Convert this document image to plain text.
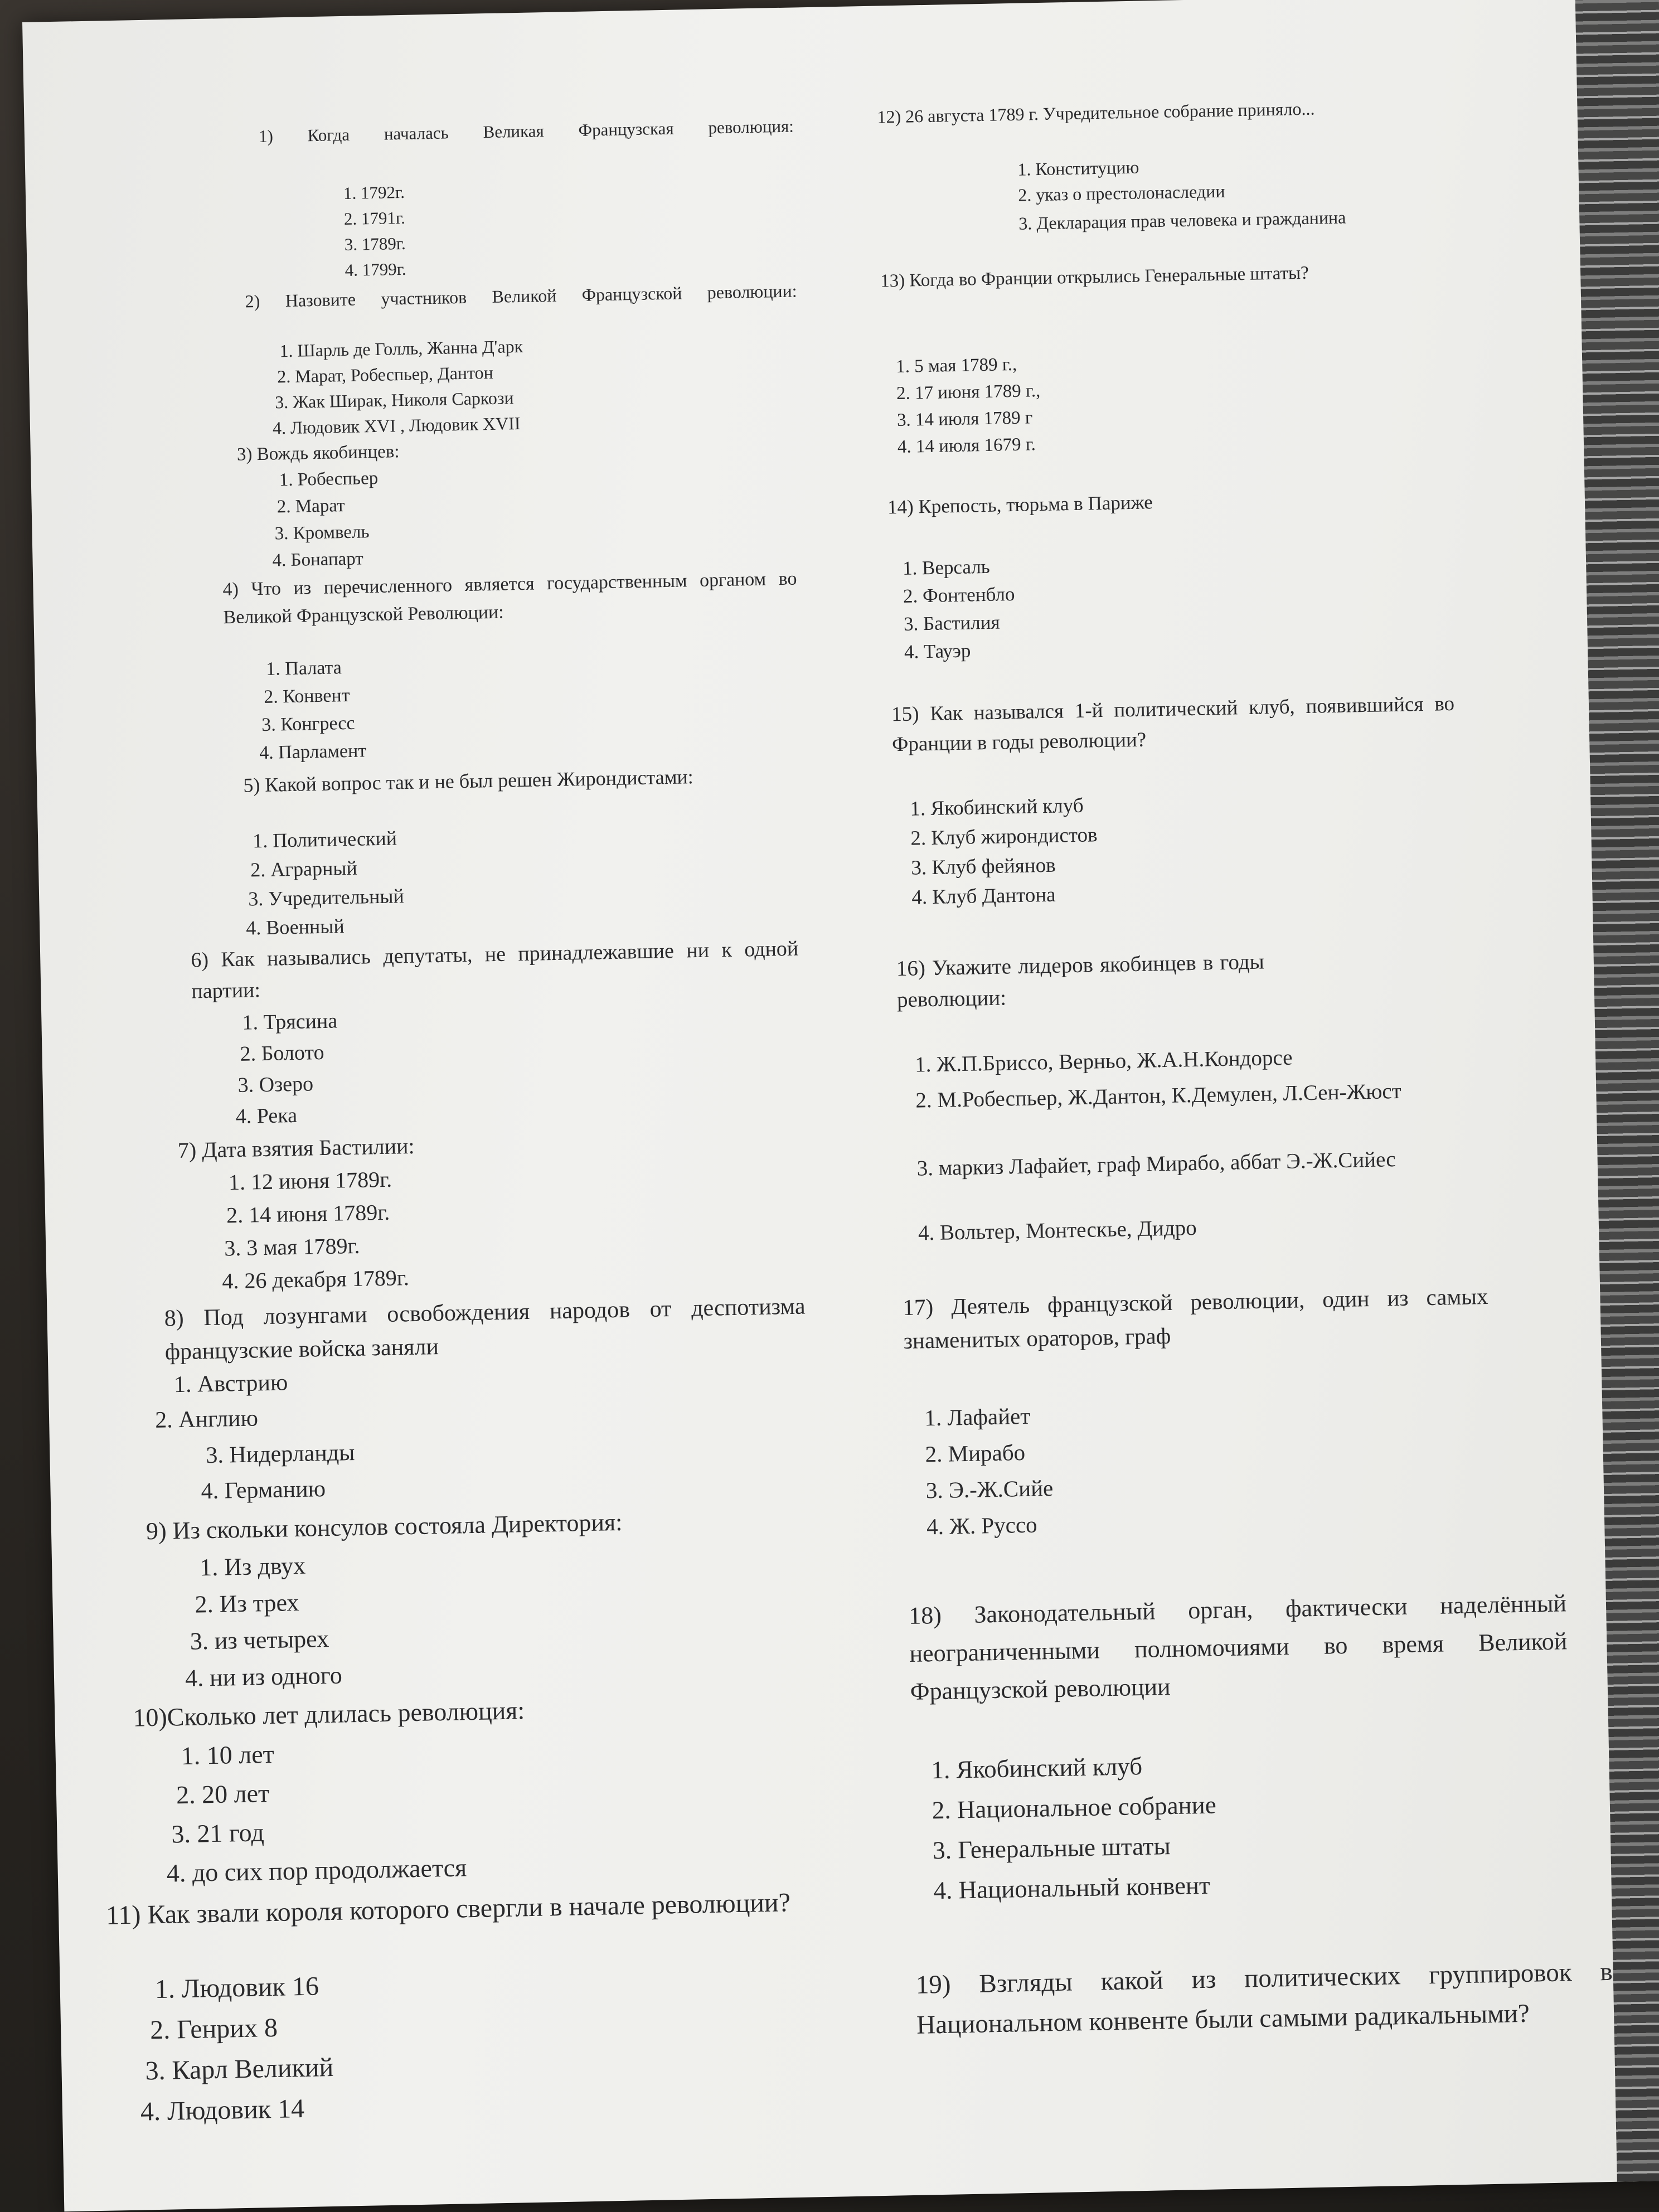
1) Когда началась Великая Французская революция:
1. 1792г.
2. 1791г.
3. 1789г.
4. 1799г.
2) Назовите участников Великой Французской революции:
1. Шарль де Голль, Жанна Д'арк
2. Марат, Робеспьер, Дантон
3. Жак Ширак, Николя Саркози
4. Людовик XVI , Людовик XVII
3) Вождь якобинцев:
1. Робеспьер
2. Марат
3. Кромвель
4. Бонапарт
4) Что из перечисленного является государственным органом во Великой Французской Революции:
1. Палата
2. Конвент
3. Конгресс
4. Парламент
5) Какой вопрос так и не был решен Жирондистами:
1. Политический
2. Аграрный
3. Учредительный
4. Военный
6) Как назывались депутаты, не принадлежавшие ни к одной партии:
1. Трясина
2. Болото
3. Озеро
4. Река
7) Дата взятия Бастилии:
1. 12 июня 1789г.
2. 14 июня 1789г.
3. 3 мая 1789г.
4. 26 декабря 1789г.
8) Под лозунгами освобождения народов от деспотизма французские войска заняли
1. Австрию
2. Англию
3. Нидерланды
4. Германию
9) Из скольки консулов состояла Директория:
1. Из двух
2. Из трех
3. из четырех
4. ни из одного
10)Сколько лет длилась революция:
1. 10 лет
2. 20 лет
3. 21 год
4. до сих пор продолжается
11) Как звали короля которого свергли в начале революции?
1. Людовик 16
2. Генрих 8
3. Карл Великий
4. Людовик 14
12) 26 августа 1789 г. Учредительное собрание приняло...
1. Конституцию
2. указ о престолонаследии
3. Декларация прав человека и гражданина
13) Когда во Франции открылись Генеральные штаты?
1. 5 мая 1789 г.,
2. 17 июня 1789 г.,
3. 14 июля 1789 г
4. 14 июля 1679 г.
14) Крепость, тюрьма в Париже
1. Версаль
2. Фонтенбло
3. Бастилия
4. Тауэр
15) Как назывался 1-й политический клуб, появившийся во Франции в годы революции?
1. Якобинский клуб
2. Клуб жирондистов
3. Клуб фейянов
4. Клуб Дантона
16) Укажите лидеров якобинцев в годы революции:
1. Ж.П.Бриссо, Верньо, Ж.А.Н.Кондорсе
2. М.Робеспьер, Ж.Дантон, К.Демулен, Л.Сен-Жюст
3. маркиз Лафайет, граф Мирабо, аббат Э.-Ж.Сийес
4. Вольтер, Монтескье, Дидро
17) Деятель французской революции, один из самых знаменитых ораторов, граф
1. Лафайет
2. Мирабо
3. Э.-Ж.Сийе
4. Ж. Руссо
18) Законодательный орган, фактически наделённый неограниченными полномочиями во время Великой Французской революции
1. Якобинский клуб
2. Национальное собрание
3. Генеральные штаты
4. Национальный конвент
19) Взгляды какой из политических группировок в Национальном конвенте были самыми радикальными?
